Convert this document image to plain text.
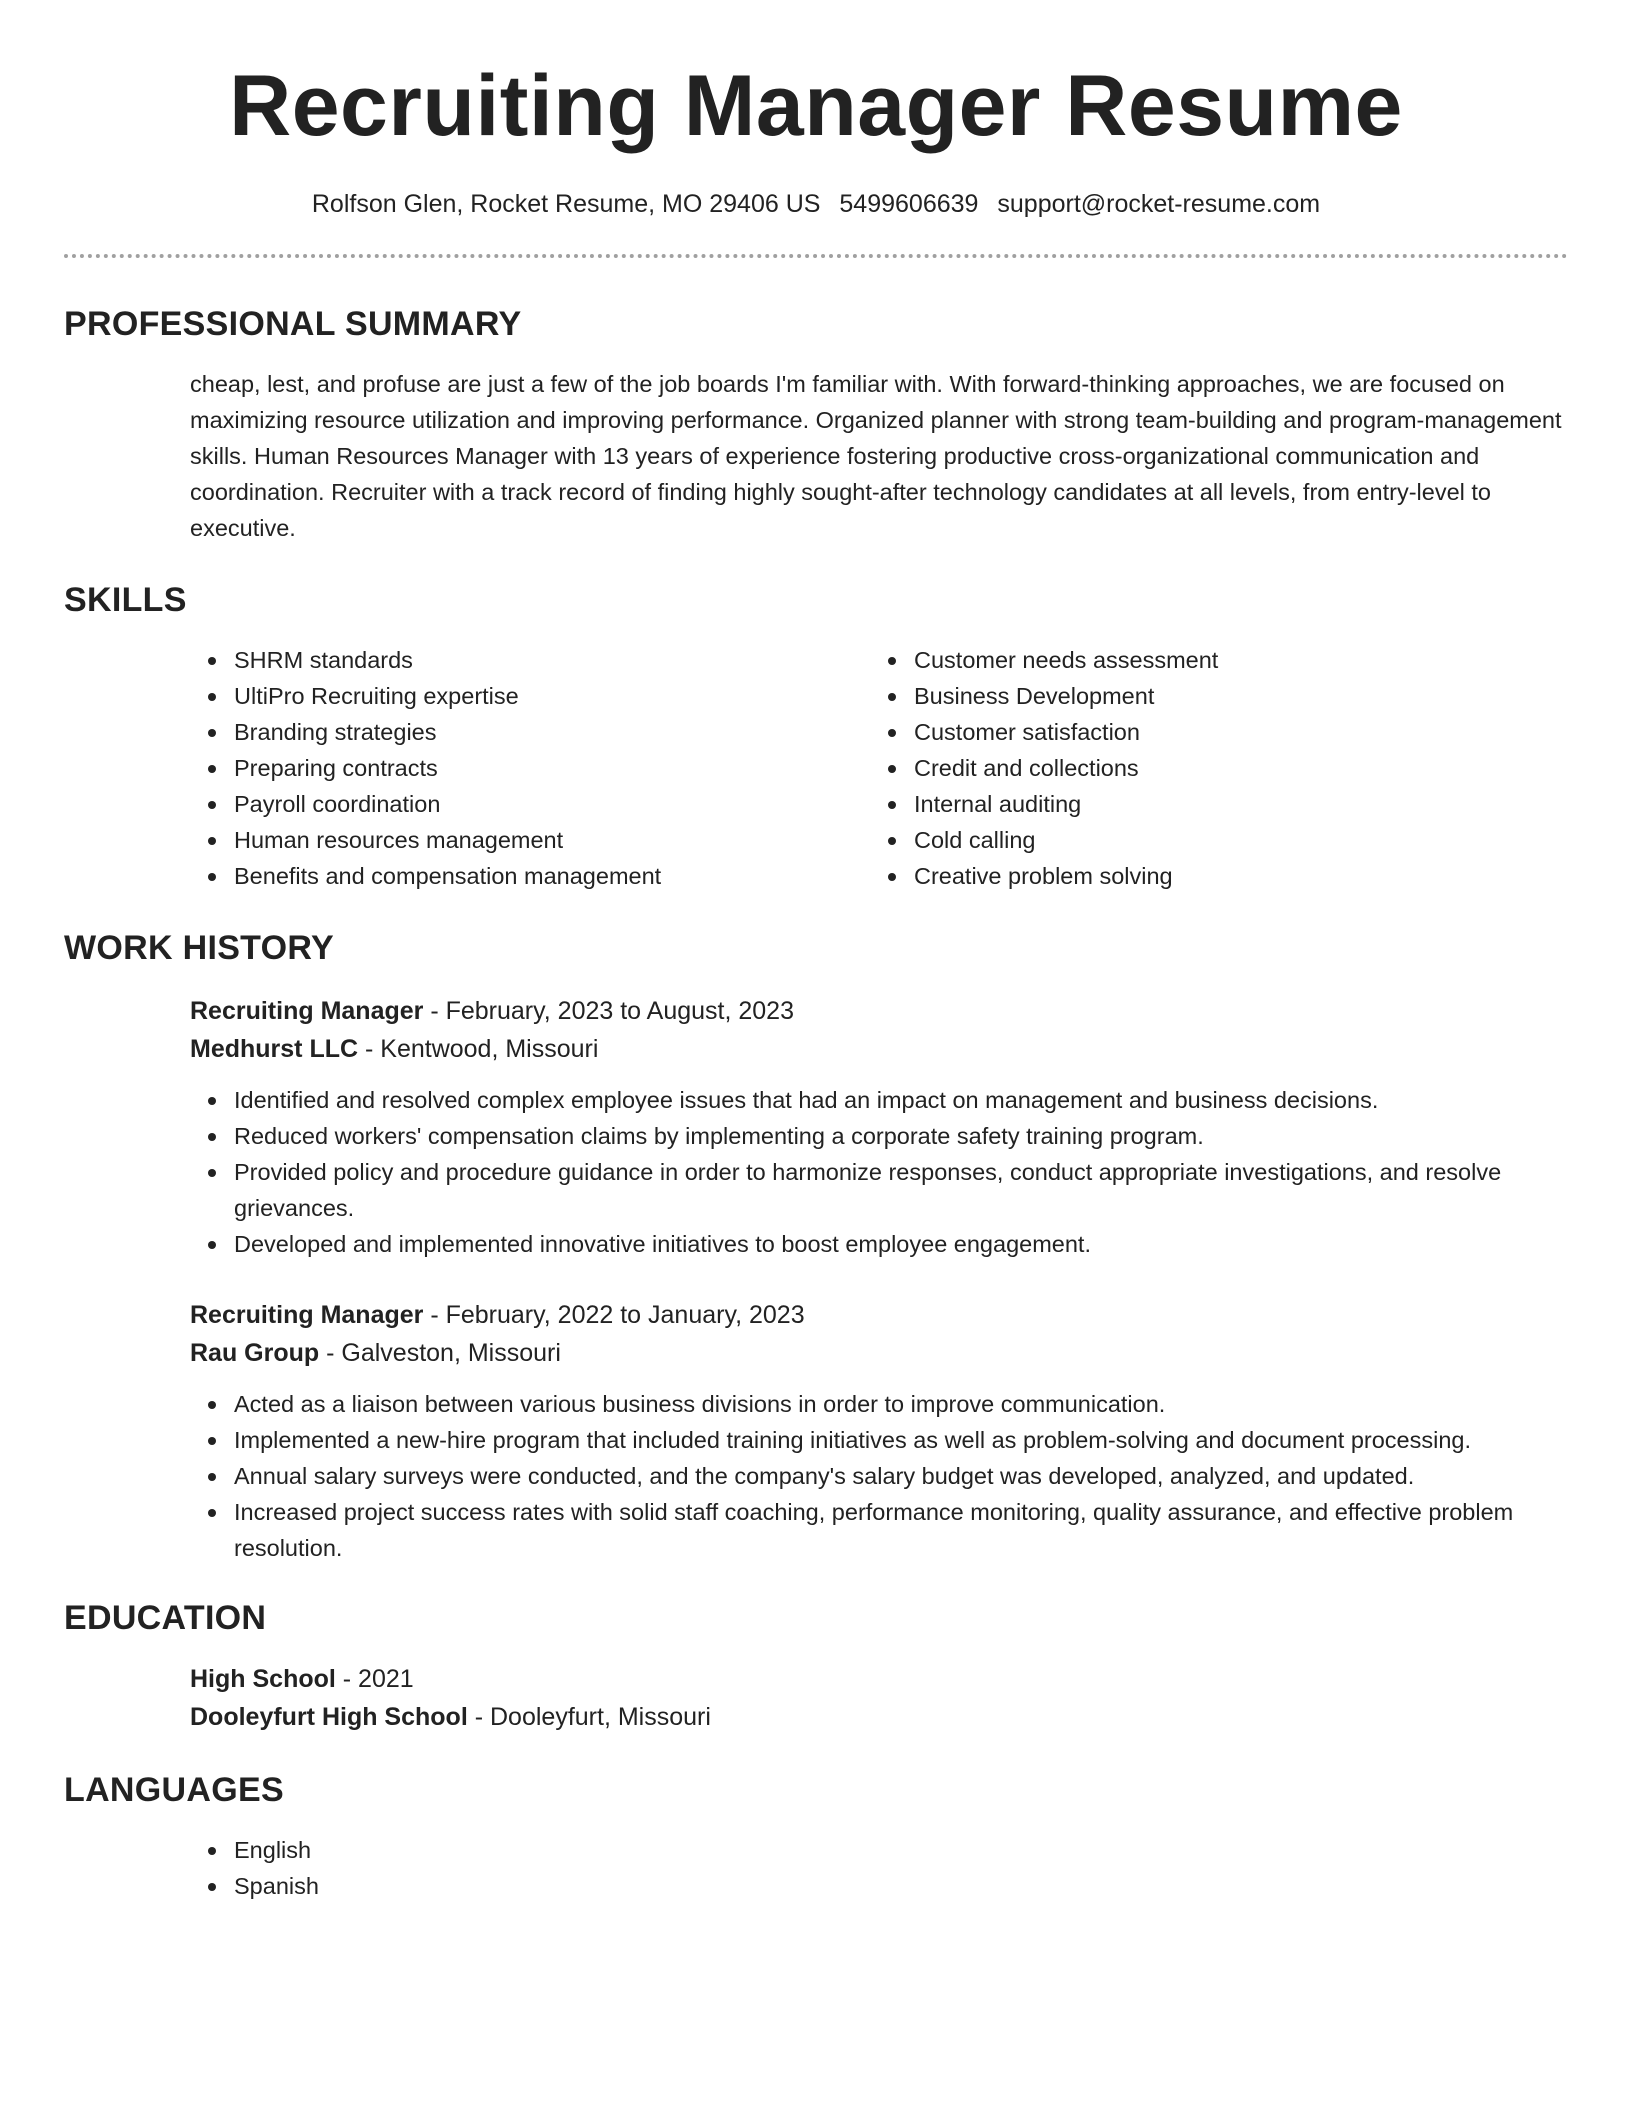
Recruiting Manager Resume
Rolfson Glen, Rocket Resume, MO 29406 US 5499606639 support@rocket-resume.com
PROFESSIONAL SUMMARY

cheap, lest, and profuse are just a few of the job boards I'm familiar with. With forward-thinking approaches, we are focused on maximizing resource utilization and improving performance. Organized planner with strong team-building and program-management skills. Human Resources Manager with 13 years of experience fostering productive cross-organizational communication and coordination. Recruiter with a track record of finding highly sought-after technology candidates at all levels, from entry-level to executive.

SKILLS
SHRM standards
UltiPro Recruiting expertise
Branding strategies
Preparing contracts
Payroll coordination
Human resources management
Benefits and compensation management
Customer needs assessment
Business Development
Customer satisfaction
Credit and collections
Internal auditing
Cold calling
Creative problem solving
WORK HISTORY
Recruiting Manager - February, 2023 to August, 2023
Medhurst LLC - Kentwood, Missouri
Identified and resolved complex employee issues that had an impact on management and business decisions.
Reduced workers' compensation claims by implementing a corporate safety training program.
Provided policy and procedure guidance in order to harmonize responses, conduct appropriate investigations, and resolve grievances.
Developed and implemented innovative initiatives to boost employee engagement.
Recruiting Manager - February, 2022 to January, 2023
Rau Group - Galveston, Missouri
Acted as a liaison between various business divisions in order to improve communication.
Implemented a new-hire program that included training initiatives as well as problem-solving and document processing.
Annual salary surveys were conducted, and the company's salary budget was developed, analyzed, and updated.
Increased project success rates with solid staff coaching, performance monitoring, quality assurance, and effective problem resolution.
EDUCATION
High School - 2021
Dooleyfurt High School - Dooleyfurt, Missouri
LANGUAGES
English
Spanish
